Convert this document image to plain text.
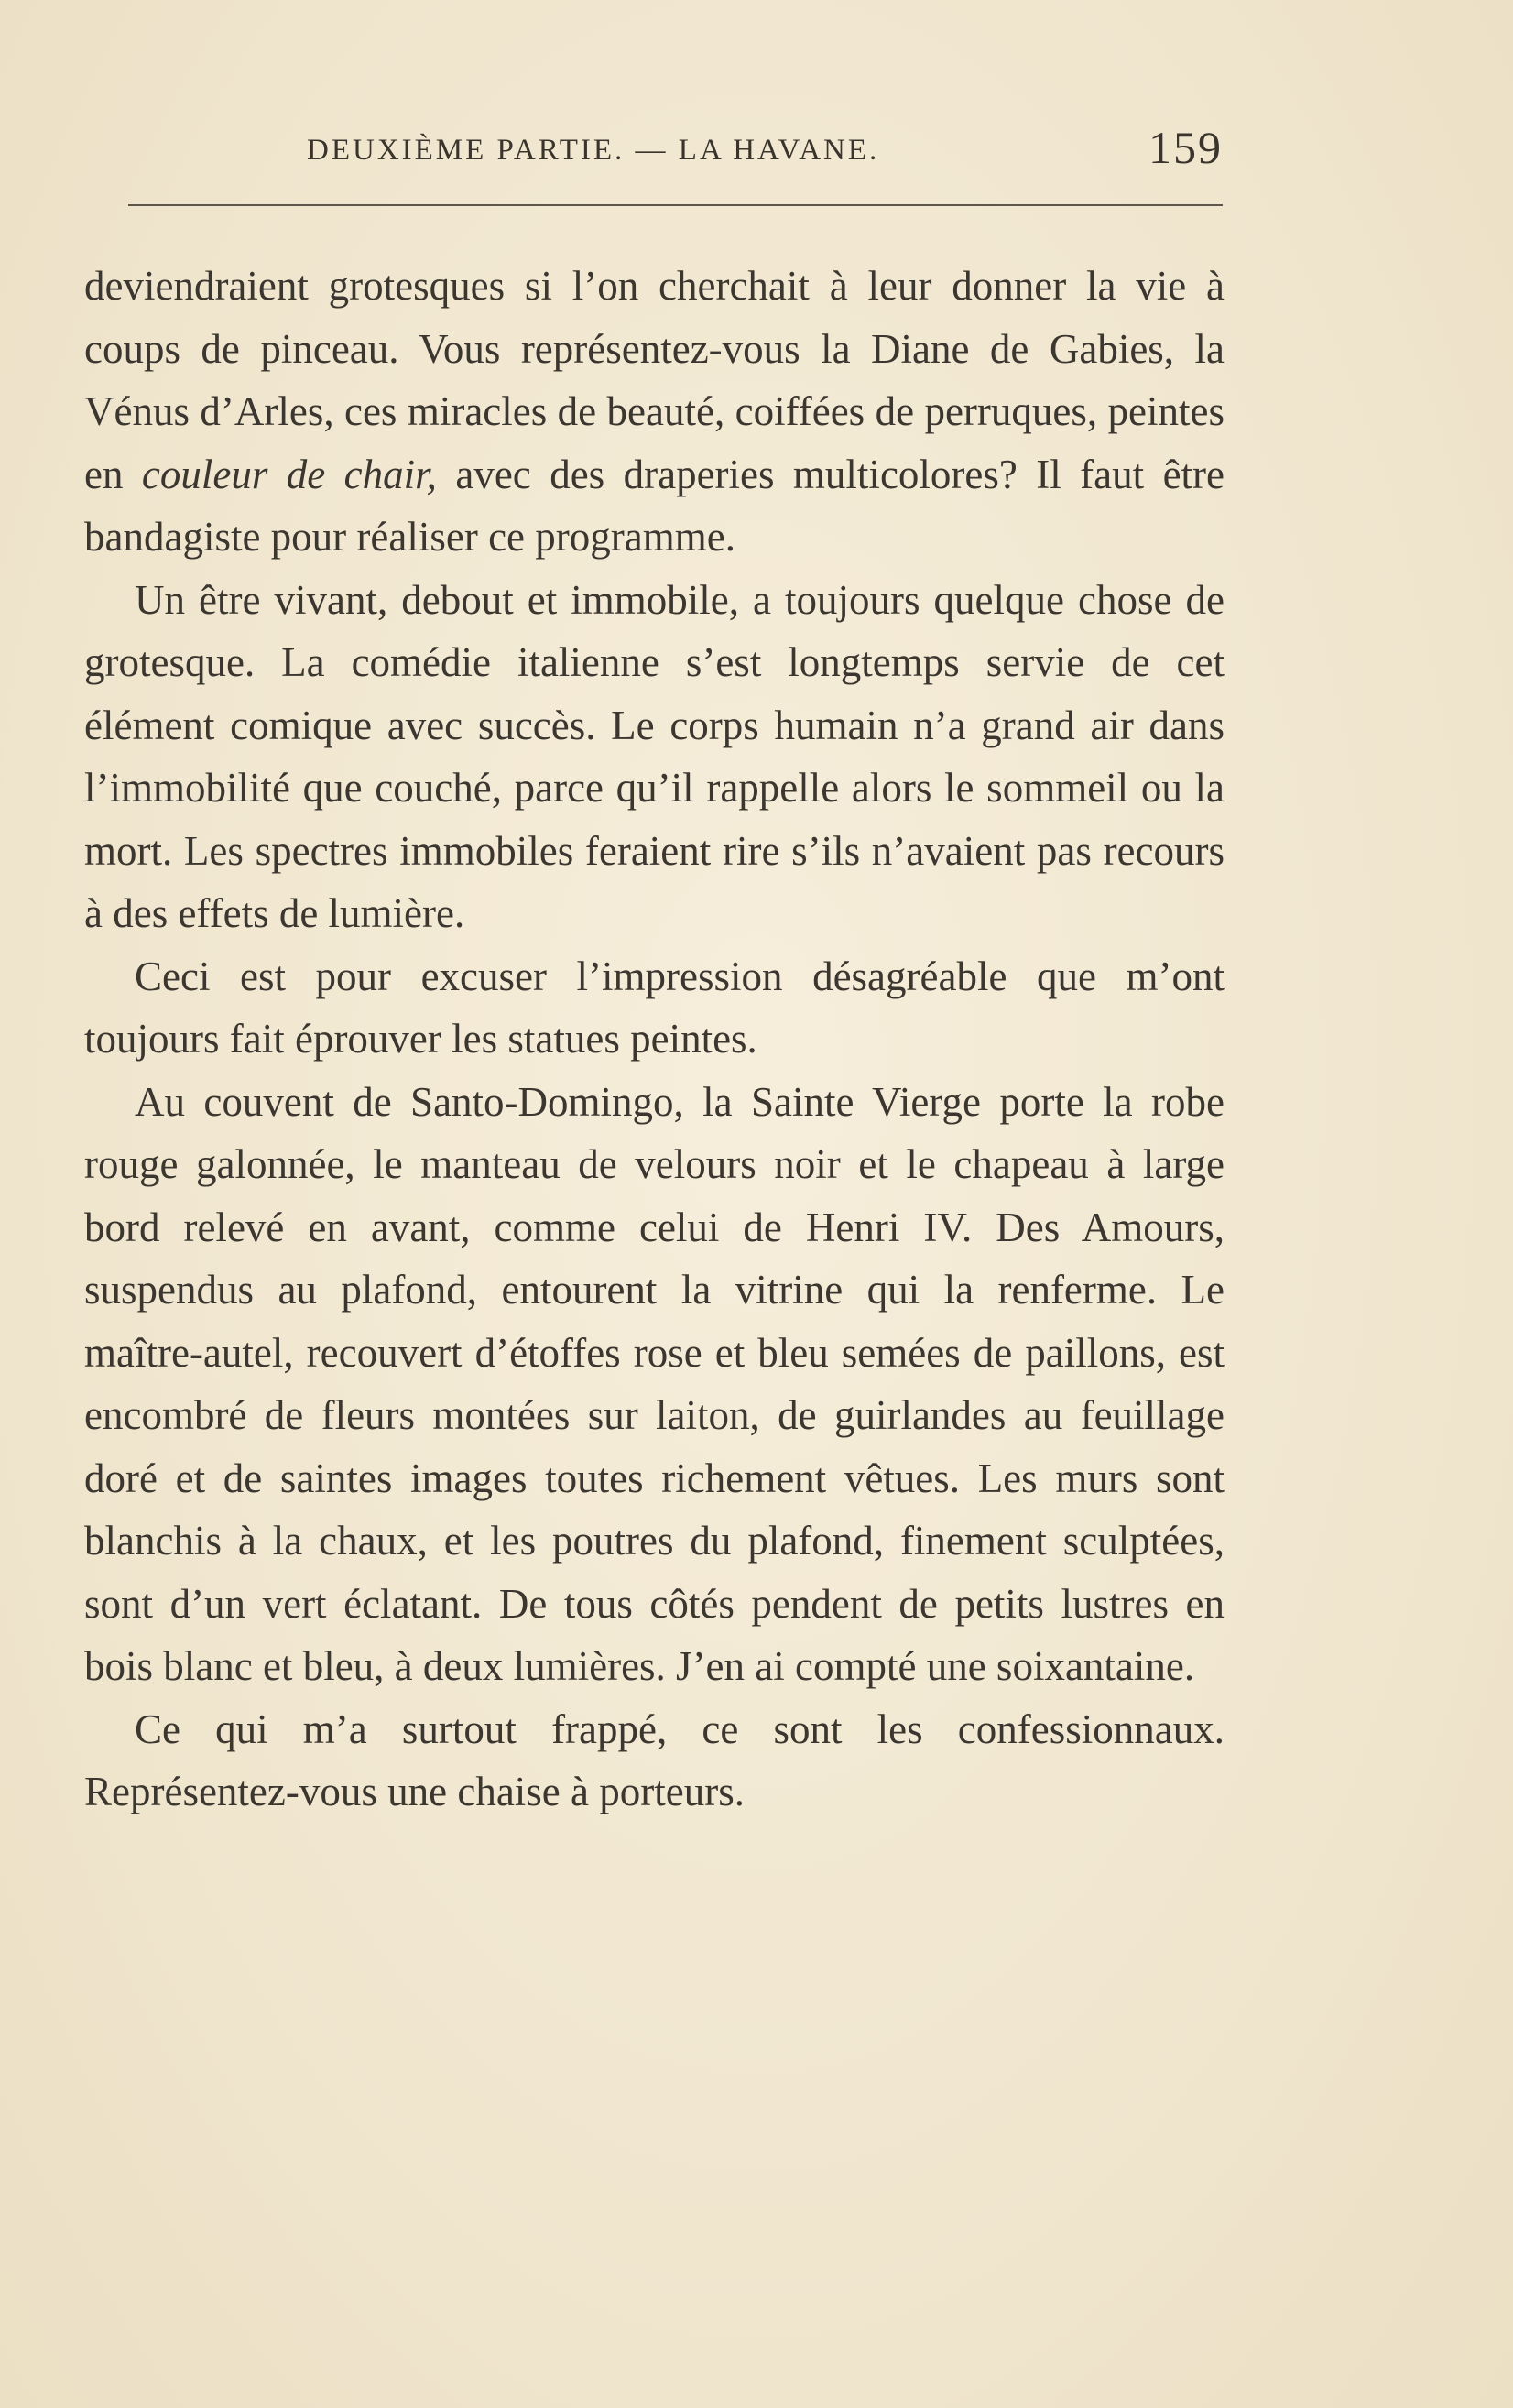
DEUXIÈME PARTIE. — LA HAVANE.	159

deviendraient grotesques si l’on cherchait à leur donner la vie à coups de pinceau. Vous représentez-vous la Diane de Gabies, la Vénus d’Arles, ces miracles de beauté, coiffées de perruques, peintes en couleur de chair, avec des draperies multicolores? Il faut être bandagiste pour réaliser ce programme.

Un être vivant, debout et immobile, a toujours quelque chose de grotesque. La comédie italienne s’est longtemps servie de cet élément comique avec succès. Le corps humain n’a grand air dans l’immobilité que couché, parce qu’il rappelle alors le sommeil ou la mort. Les spectres immobiles feraient rire s’ils n’avaient pas recours à des effets de lumière.

Ceci est pour excuser l’impression désagréable que m’ont toujours fait éprouver les statues peintes.

Au couvent de Santo-Domingo, la Sainte Vierge porte la robe rouge galonnée, le manteau de velours noir et le chapeau à large bord relevé en avant, comme celui de Henri IV. Des Amours, suspendus au plafond, entourent la vitrine qui la renferme. Le maître-autel, recouvert d’étoffes rose et bleu semées de paillons, est encombré de fleurs montées sur laiton, de guirlandes au feuillage doré et de saintes images toutes richement vêtues. Les murs sont blanchis à la chaux, et les poutres du plafond, finement sculptées, sont d’un vert éclatant. De tous côtés pendent de petits lustres en bois blanc et bleu, à deux lumières. J’en ai compté une soixantaine.

Ce qui m’a surtout frappé, ce sont les confessionnaux. Représentez-vous une chaise à porteurs.
